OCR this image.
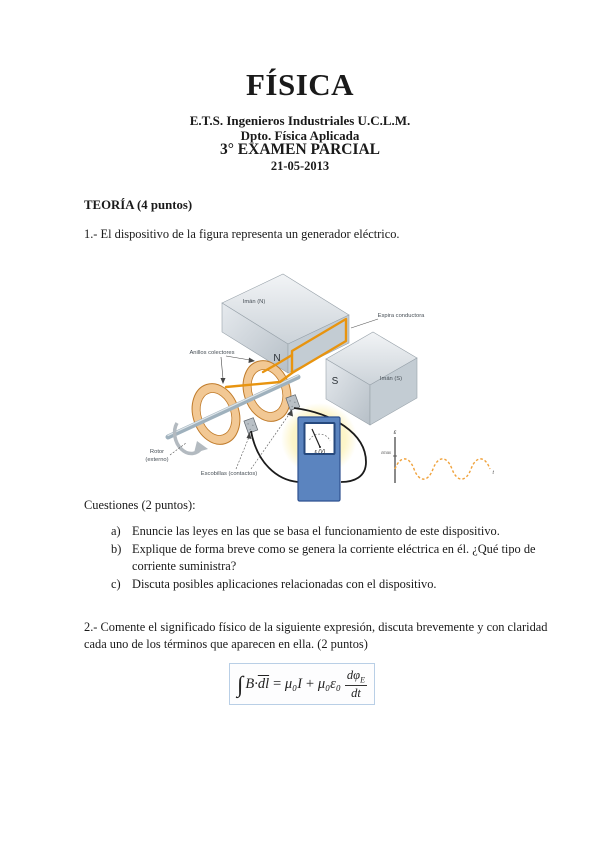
FÍSICA
E.T.S. Ingenieros Industriales U.C.L.M.
Dpto. Física Aplicada
3° EXAMEN PARCIAL
21-05-2013
TEORÍA (4 puntos)
1.- El dispositivo de la figura representa un generador eléctrico.
Cuestiones (2 puntos):
a) Enuncie las leyes en las que se basa el funcionamiento de este dispositivo.
b) Explique de forma breve como se genera la corriente eléctrica en él. ¿Qué tipo de
corriente suministra?
c) Discuta posibles aplicaciones relacionadas con el dispositivo.
2.- Comente el significado físico de la siguiente expresión, discuta brevemente y con claridad
cada uno de los términos que aparecen en ella. (2 puntos)
∫ $B \cdot \overline{dl} = \mu_0I + \mu_0\varepsilon_0 \frac{d\varphi_E}{dt}$
Imán (N)
N
S	Imán (S)
ε (V)
ε
εmax
t
Espira conductora
Anillos colectores
Rotor
(externo)
Escobillas (contactos)
